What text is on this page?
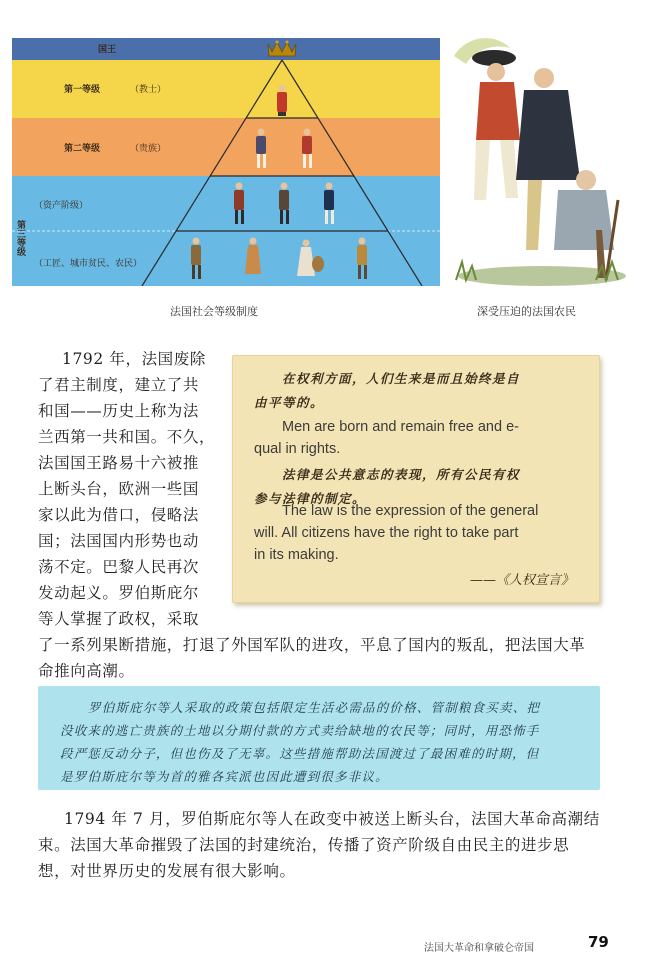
国王
第一等级	（教士）
第二等级	（贵族）
第三等级
（资产阶级）
（工匠、城市贫民、农民）
法国社会等级制度	深受压迫的法国农民
1792 年，法国废除
了君主制度，建立了共
和国——历史上称为法
兰西第一共和国。不久，
法国国王路易十六被推
上断头台，欧洲一些国
家以此为借口，侵略法
国；法国国内形势也动
荡不定。巴黎人民再次
发动起义。罗伯斯庇尔
等人掌握了政权，采取
在权利方面，人们生来是而且始终是自
由平等的。
Men are born and remain free and e-
qual in rights.
法律是公共意志的表现，所有公民有权
参与法律的制定。
The law is the expression of the general
will. All citizens have the right to take part
in its making.
——《人权宣言》
了一系列果断措施，打退了外国军队的进攻，平息了国内的叛乱，把法国大革
命推向高潮。
罗伯斯庇尔等人采取的政策包括限定生活必需品的价格、管制粮食买卖、把
没收来的逃亡贵族的土地以分期付款的方式卖给缺地的农民等；同时，用恐怖手
段严惩反动分子，但也伤及了无辜。这些措施帮助法国渡过了最困难的时期，但
是罗伯斯庇尔等为首的雅各宾派也因此遭到很多非议。
1794 年 7 月，罗伯斯庇尔等人在政变中被送上断头台，法国大革命高潮结
束。法国大革命摧毁了法国的封建统治，传播了资产阶级自由民主的进步思
想，对世界历史的发展有很大影响。
法国大革命和拿破仑帝国	79
